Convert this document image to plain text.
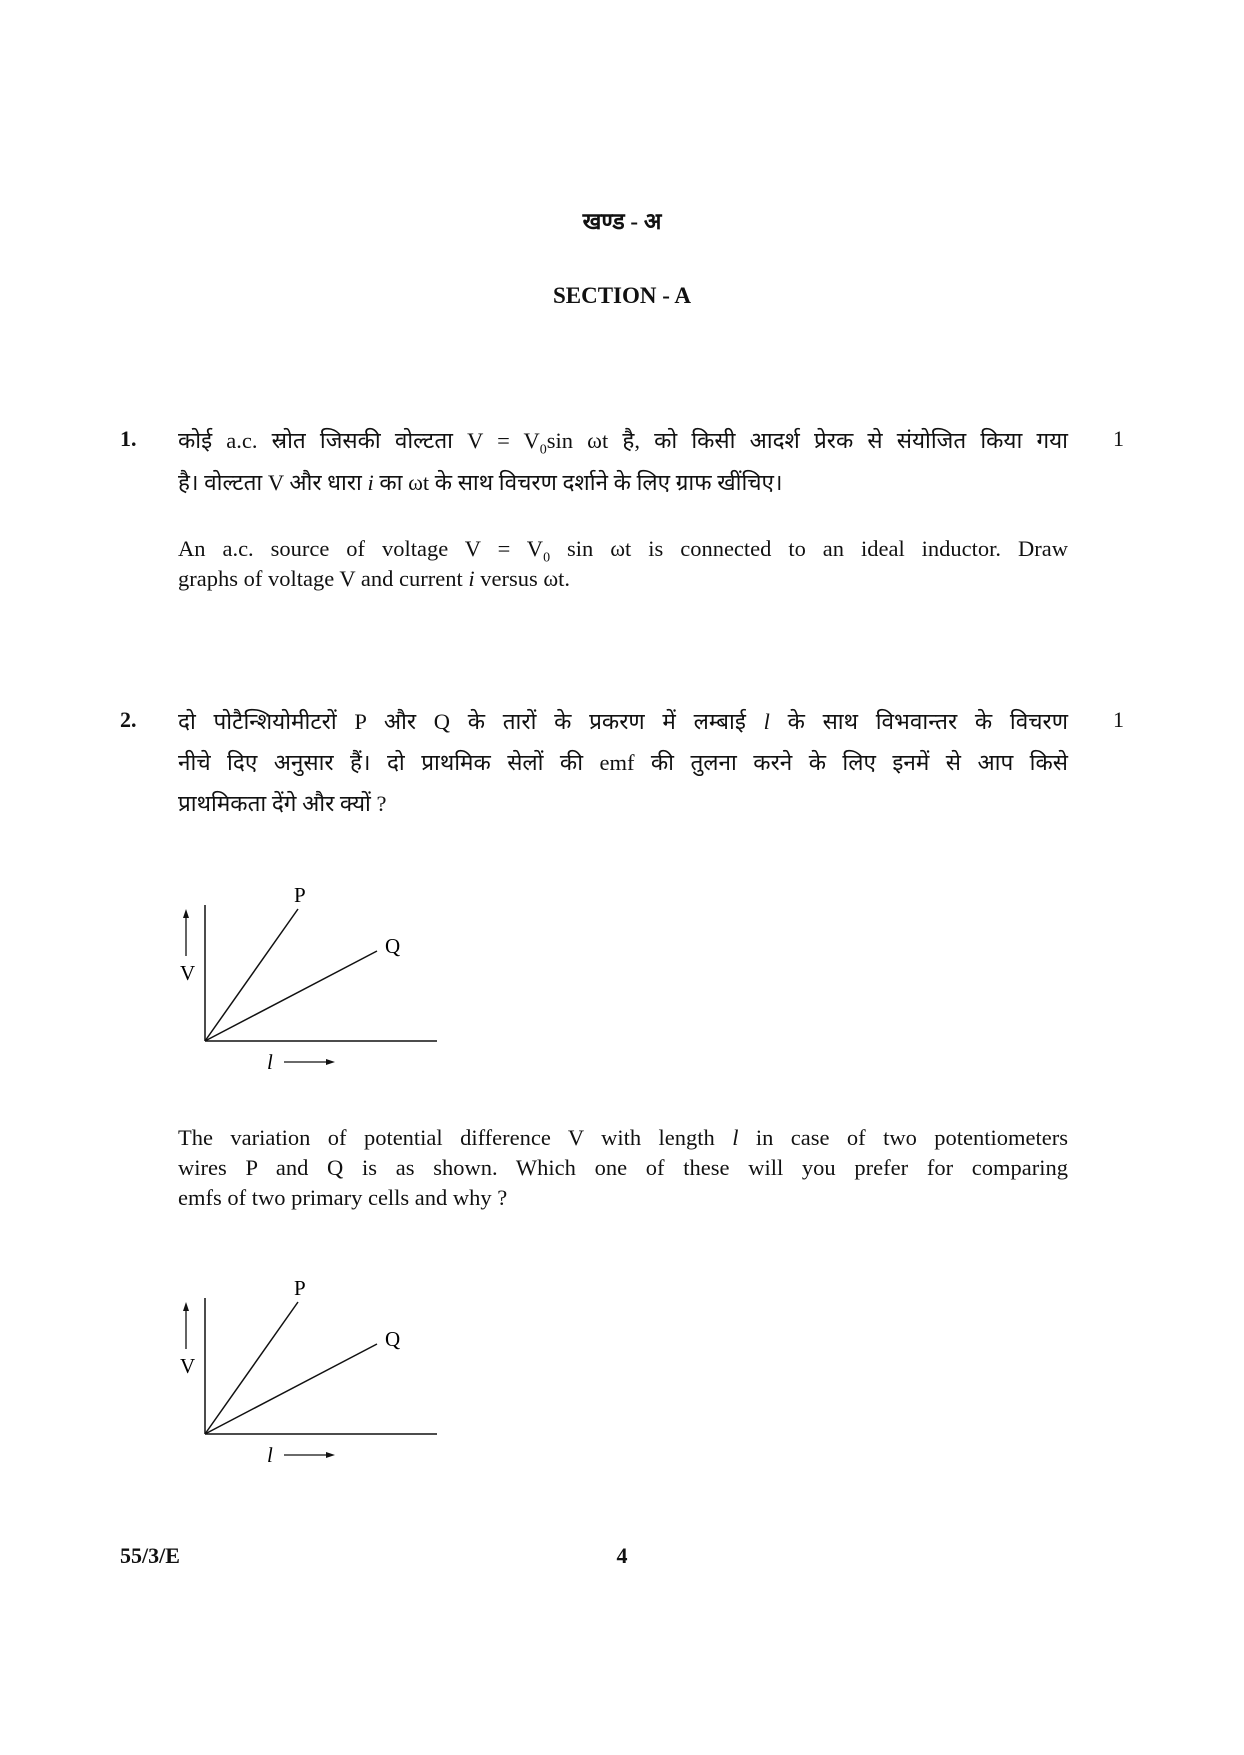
खण्ड - अ
SECTION - A
1.	1
कोई a.c. स्रोत जिसकी वोल्टता $V = V_0\sin$ ωt है, को किसी आदर्श प्रेरक से संयोजित किया गया
है। वोल्टता V और धारा i का ωt के साथ विचरण दर्शाने के लिए ग्राफ खींचिए।
An a.c. source of voltage $V = V_0$ sin ωt is connected to an ideal inductor. Draw
graphs of voltage V and current i versus ωt.
2.	1
दो पोटैन्शियोमीटरों P और Q के तारों के प्रकरण में लम्बाई l के साथ विभवान्तर के विचरण
नीचे दिए अनुसार हैं। दो प्राथमिक सेलों की emf की तुलना करने के लिए इनमें से आप किसे
प्राथमिकता देंगे और क्यों ?
V
P
Q
l
The variation of potential difference V with length l in case of two potentiometers
wires P and Q is as shown. Which one of these will you prefer for comparing
emfs of two primary cells and why ?
V
P
Q
l
55/3/E	4
